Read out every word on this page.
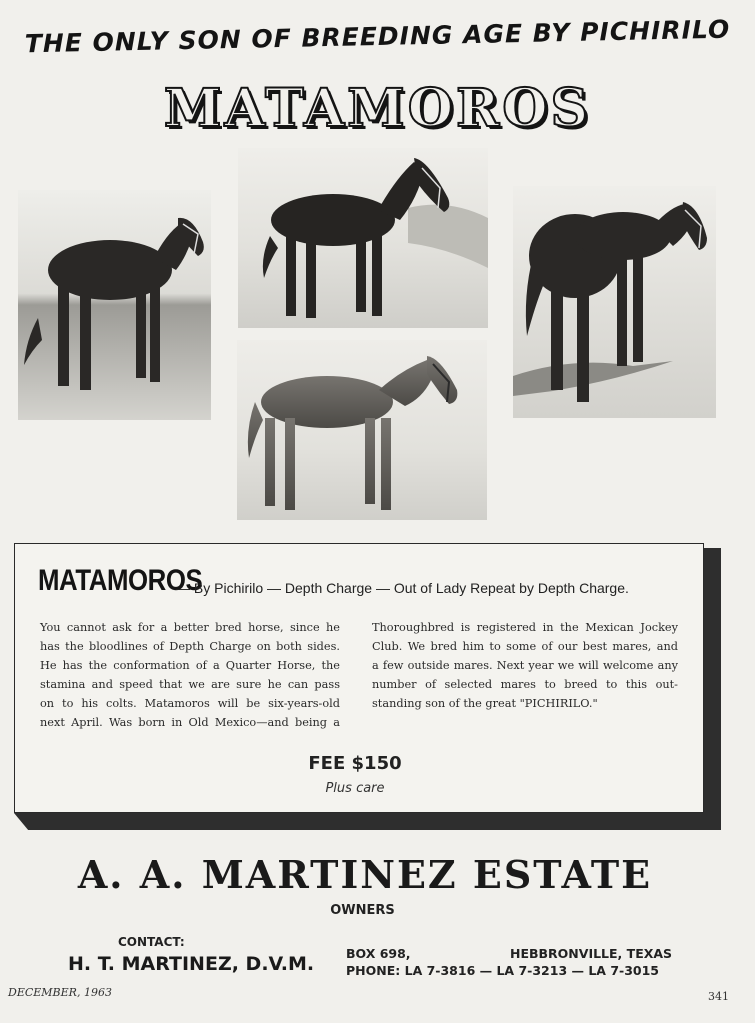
THE ONLY SON OF BREEDING AGE BY PICHIRILO
MATAMOROS
MATAMOROS
— By Pichirilo — Depth Charge — Out of Lady Repeat by Depth Charge.
You cannot ask for a better bred horse, since he
has the bloodlines of Depth Charge on both sides.
He has the conformation of a Quarter Horse, the
stamina and speed that we are sure he can pass
on to his colts. Matamoros will be six-years-old
next April. Was born in Old Mexico—and being a
Thoroughbred is registered in the Mexican Jockey
Club. We bred him to some of our best mares, and
a few outside mares. Next year we will welcome any
number of selected mares to breed to this out-
standing son of the great "PICHIRILO."
FEE $150
Plus care
A. A. MARTINEZ ESTATE
OWNERS
CONTACT:
H. T. MARTINEZ, D.V.M.	BOX 698,	HEBBRONVILLE, TEXAS
PHONE: LA 7-3816 — LA 7-3213 — LA 7-3015
DECEMBER, 1963	341
